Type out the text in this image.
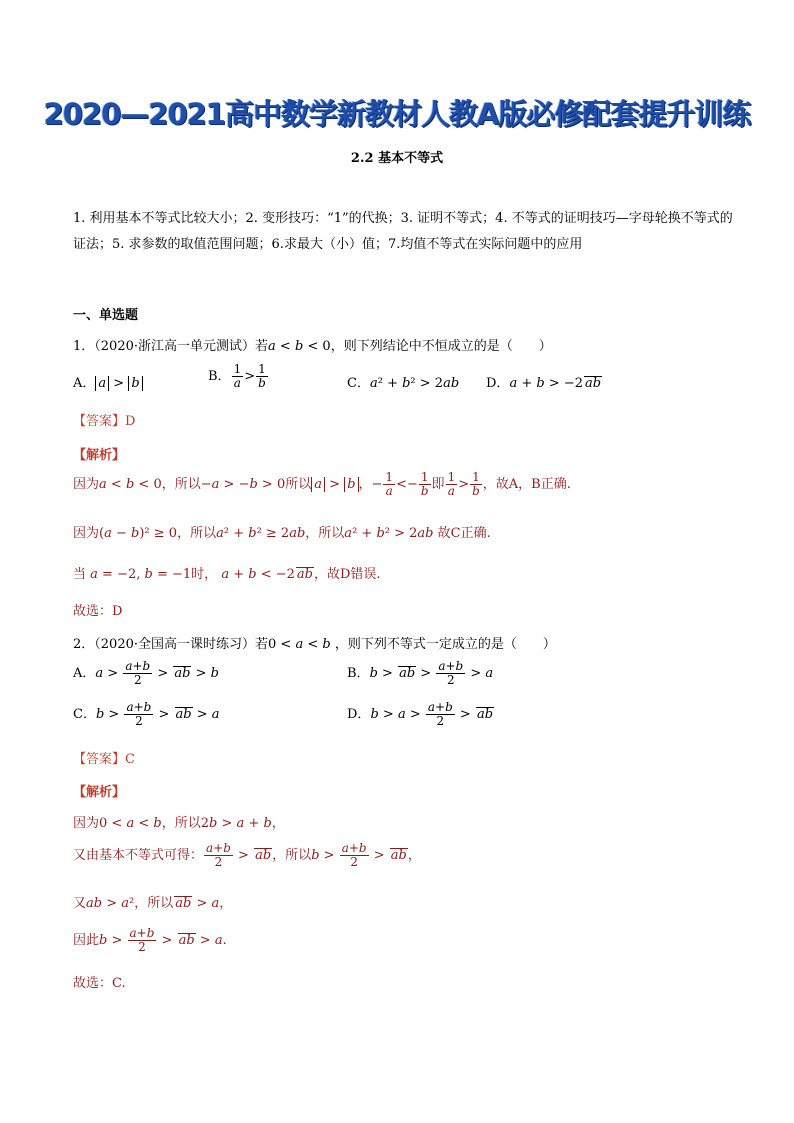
2020—2021高中数学新教材人教A版必修配套提升训练
2.2 基本不等式
1. 利用基本不等式比较大小；2. 变形技巧：“1”的代换；3. 证明不等式；4. 不等式的证明技巧—字母轮换不等式的证法；5. 求参数的取值范围问题；6.求最大（小）值；7.均值不等式在实际问题中的应用
一、单选题
1．（2020·浙江高一单元测试）若a < b < 0，则下列结论中不恒成立的是（　　）
A． a > b	B． $\frac{1}{a} > \frac{1}{b}$	C．a² + b² > 2ab D．a + b > −2 ab
【答案】D
【解析】
因为a < b < 0，所以−a > −b > 0所以 a > b ，− $\frac{1}{a} <- \frac{1}{b}$ 即 $\frac{1}{a} > \frac{1}{b}$ ，故A，B正确.
因为(a − b)² ≥ 0，所以a² + b² ≥ 2ab，所以a² + b² > 2ab 故C正确.
当 a = −2, b = −1时， a + b < −2 ab，故D错误.
故选：D
2．（2020·全国高一课时练习）若0 < a < b ，则下列不等式一定成立的是（　　）
A．$a > \frac{a+b}{2}$ > ab > b	B．b > ab > $\frac{a+b}{2} > a$
C．$b > \frac{a+b}{2}$ > ab > a	D．$b > a > \frac{a+b}{2}$ > ab
【答案】C
【解析】
因为0 < a < b，所以2b > a + b，
又由基本不等式可得： $\frac{a+b}{2}$ > ab，所以$b > \frac{a+b}{2}$ > ab，
又ab > a²，所以 ab > a，
因此$b > \frac{a+b}{2}$ > ab > a.
故选：C.
